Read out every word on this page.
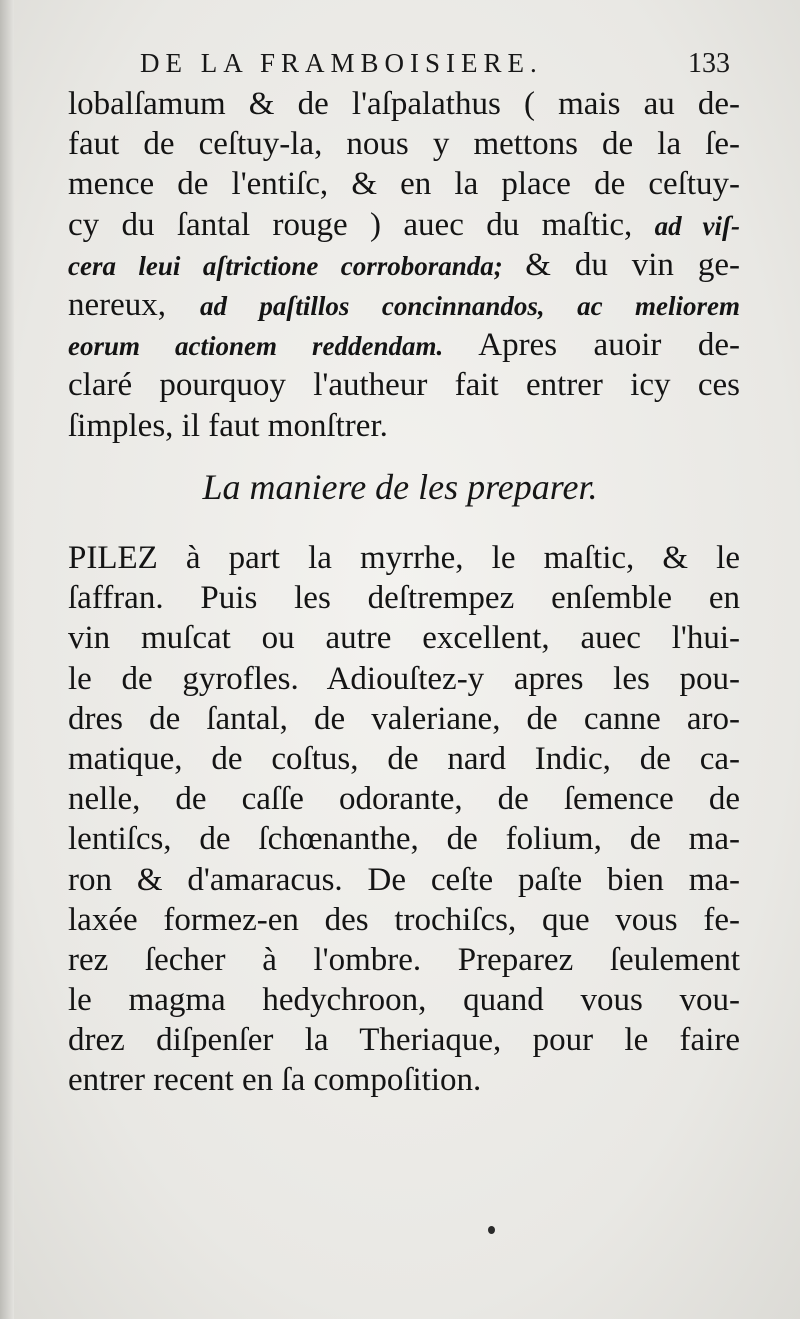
DE LA FRAMBOISIERE.	133
lobalſamum & de l'aſpalathus ( mais au de-
faut de ceſtuy-la, nous y mettons de la ſe-
mence de l'entiſc, & en la place de ceſtuy-
cy du ſantal rouge ) auec du maſtic, ad viſ-
cera leui aſtrictione corroboranda; & du vin ge-
nereux, ad paſtillos concinnandos, ac meliorem
eorum actionem reddendam. Apres auoir de-
claré pourquoy l'autheur fait entrer icy ces
ſimples, il faut monſtrer.
La maniere de les preparer.
PILEZ à part la myrrhe, le maſtic, & le
ſaffran. Puis les deſtrempez enſemble en
vin muſcat ou autre excellent, auec l'hui-
le de gyrofles. Adiouſtez-y apres les pou-
dres de ſantal, de valeriane, de canne aro-
matique, de coſtus, de nard Indic, de ca-
nelle, de caſſe odorante, de ſemence de
lentiſcs, de ſchœnanthe, de folium, de ma-
ron & d'amaracus. De ceſte paſte bien ma-
laxée formez-en des trochiſcs, que vous fe-
rez ſecher à l'ombre. Preparez ſeulement
le magma hedychroon, quand vous vou-
drez diſpenſer la Theriaque, pour le faire
entrer recent en ſa compoſition.
